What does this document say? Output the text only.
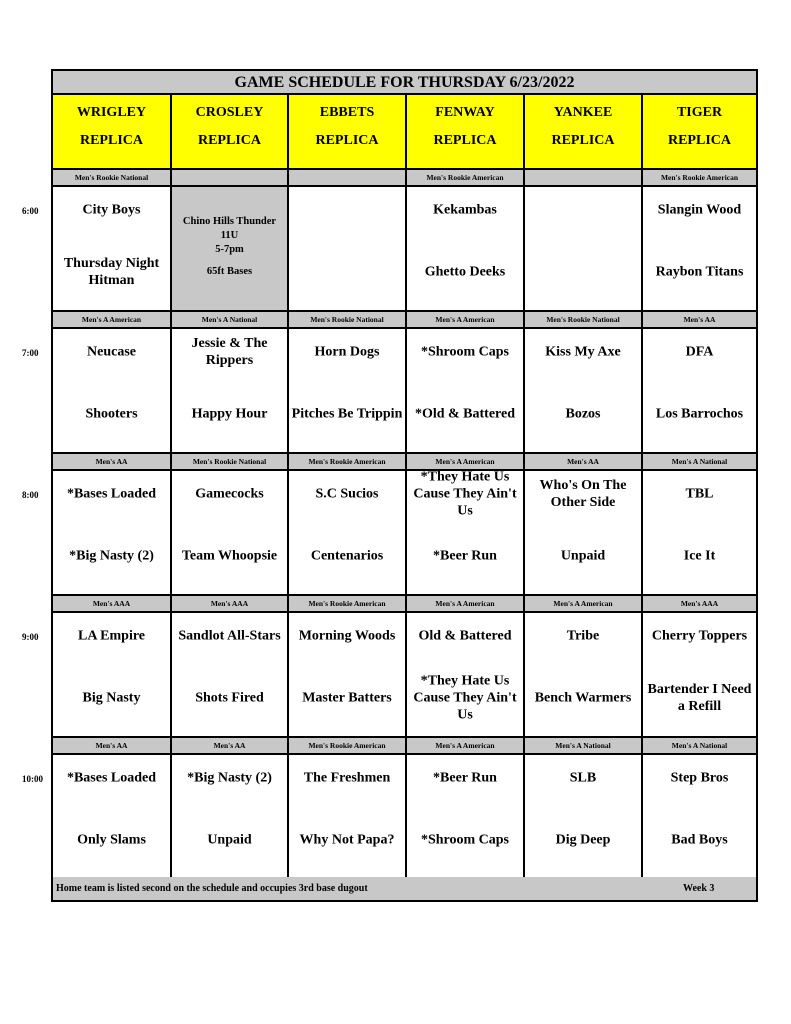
GAME SCHEDULE FOR THURSDAY 6/23/2022
WRIGLEY
REPLICA
CROSLEY
REPLICA
EBBETS
REPLICA
FENWAY
REPLICA
YANKEE
REPLICA
TIGER
REPLICA
Men's Rookie National
City Boys
Thursday Night Hitman
Chino Hills Thunder
11U
5-7pm
65ft Bases
Men's Rookie American
Kekambas
Ghetto Deeks
Men's Rookie American
Slangin Wood
Raybon Titans
Men's A American
Neucase
Shooters
Men's A National
Jessie & The Rippers
Happy Hour
Men's Rookie National
Horn Dogs
Pitches Be Trippin
Men's A American
*Shroom Caps
*Old & Battered
Men's Rookie National
Kiss My Axe
Bozos
Men's AA
DFA
Los Barrochos
Men's AA
*Bases Loaded
*Big Nasty (2)
Men's Rookie National
Gamecocks
Team Whoopsie
Men's Rookie American
S.C Sucios
Centenarios
Men's A American
*They Hate Us Cause They Ain't Us
*Beer Run
Men's AA
Who's On The Other Side
Unpaid
Men's A National
TBL
Ice It
Men's AAA
LA Empire
Big Nasty
Men's AAA
Sandlot All-Stars
Shots Fired
Men's Rookie American
Morning Woods
Master Batters
Men's A American
Old & Battered
*They Hate Us Cause They Ain't Us
Men's A American
Tribe
Bench Warmers
Men's AAA
Cherry Toppers
Bartender I Need a Refill
Men's AA
*Bases Loaded
Only Slams
Men's AA
*Big Nasty (2)
Unpaid
Men's Rookie American
The Freshmen
Why Not Papa?
Men's A American
*Beer Run
*Shroom Caps
Men's A National
SLB
Dig Deep
Men's A National
Step Bros
Bad Boys
Home team is listed second on the schedule and occupies 3rd base dugout	Week 3
6:00
7:00
8:00
9:00
10:00
